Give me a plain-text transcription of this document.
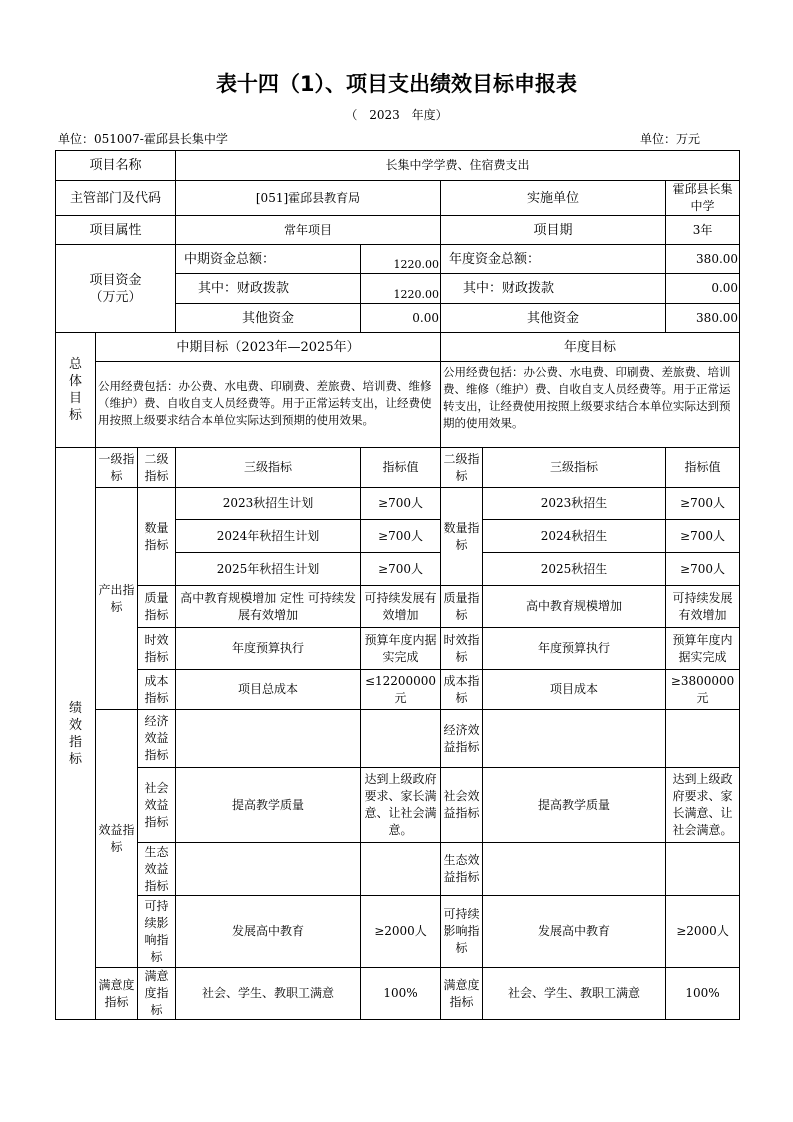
表十四（1）、项目支出绩效目标申报表
（ 2023 年度）
单位：051007-霍邱县长集中学	单位：万元
项目名称			长集中学学费、住宿费支出				
主管部门及代码			[051]霍邱县教育局		实施单位		霍邱县长集中学
项目属性			常年项目		项目期		3年
项目资金（万元）			中期资金总额：	1220.00	年度资金总额：		380.00
			其中：财政拨款	1220.00	其中：财政拨款		0.00
			其他资金	0.00	其他资金		380.00
总体目标	中期目标（2023年—2025年）				年度目标		
	公用经费包括：办公费、水电费、印刷费、差旅费、培训费、维修（维护）费、自收自支人员经费等。用于正常运转支出，让经费使用按照上级要求结合本单位实际达到预期的使用效果。				公用经费包括：办公费、水电费、印刷费、差旅费、培训费、维修（维护）费、自收自支人员经费等。用于正常运转支出，让经费使用按照上级要求结合本单位实际达到预期的使用效果。		
绩效指标	一级指标	二级指标	三级指标	指标值	二级指标	三级指标	指标值
	产出指标	数量指标	2023秋招生计划	≥700人	数量指标	2023秋招生	≥700人
			2024年秋招生计划	≥700人		2024秋招生	≥700人
			2025年秋招生计划	≥700人		2025秋招生	≥700人
		质量指标	高中教育规模增加 定性 可持续发展有效增加	可持续发展有效增加	质量指标	高中教育规模增加	可持续发展有效增加
		时效指标	年度预算执行	预算年度内据实完成	时效指标	年度预算执行	预算年度内据实完成
		成本指标	项目总成本	≤12200000元	成本指标	项目成本	≥3800000元
	效益指标	经济效益指标			经济效益指标		
		社会效益指标	提高教学质量	达到上级政府要求、家长满意、让社会满意。	社会效益指标	提高教学质量	达到上级政府要求、家长满意、让社会满意。
		生态效益指标			生态效益指标		
		可持续影响指标	发展高中教育	≥2000人	可持续影响指标	发展高中教育	≥2000人
	满意度指标	满意度指标	社会、学生、教职工满意	100%	满意度指标	社会、学生、教职工满意	100%
